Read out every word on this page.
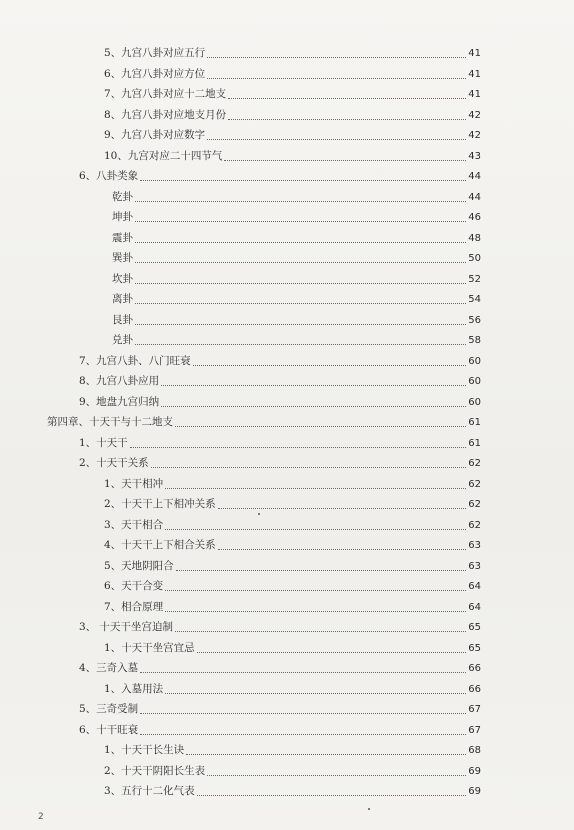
5、九宫八卦对应五行	41
6、九宫八卦对应方位	41
7、九宫八卦对应十二地支	41
8、九宫八卦对应地支月份	42
9、九宫八卦对应数字	42
10、九宫对应二十四节气	43
6、八卦类象	44
乾卦	44
坤卦	46
震卦	48
巽卦	50
坎卦	52
离卦	54
艮卦	56
兑卦	58
7、九宫八卦、八门旺衰	60
8、九宫八卦应用	60
9、地盘九宫归纳	60
第四章、十天干与十二地支	61
1、十天干	61
2、十天干关系	62
1、天干相冲	62
2、十天干上下相冲关系	62
3、天干相合	62
4、十天干上下相合关系	63
5、天地阴阳合	63
6、天干合变	64
7、相合原理	64
3、 十天干坐宫迫制	65
1、十天干坐宫宜忌	65
4、三奇入墓	66
1、入墓用法	66
5、三奇受制	67
6、十干旺衰	67
1、十天干长生诀	68
2、十天干阴阳长生表	69
3、五行十二化气表	69
2
